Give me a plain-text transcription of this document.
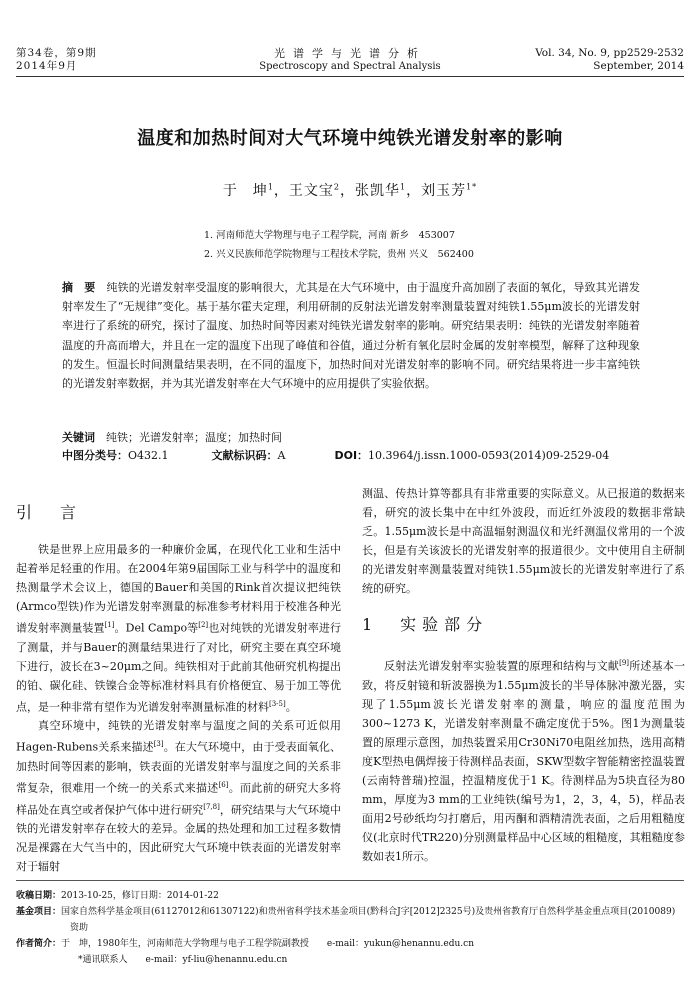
第34卷，第9期
2014年9月
光谱学与光谱分析
Spectroscopy and Spectral Analysis
Vol. 34, No. 9, pp2529-2532
September, 2014
温度和加热时间对大气环境中纯铁光谱发射率的影响
于　坤$^1$，王文宝$^2$，张凯华$^1$，刘玉芳$^{1*}$
1. 河南师范大学物理与电子工程学院，河南 新乡　453007
2. 兴义民族师范学院物理与工程技术学院，贵州 兴义　562400
摘　要　 纯铁的光谱发射率受温度的影响很大，尤其是在大气环境中，由于温度升高加剧了表面的氧化，导致其光谱发射率发生了“无规律”变化。基于基尔霍夫定理，利用研制的反射法光谱发射率测量装置对纯铁1.55μm波长的光谱发射率进行了系统的研究，探讨了温度、加热时间等因素对纯铁光谱发射率的影响。研究结果表明：纯铁的光谱发射率随着温度的升高而增大，并且在一定的温度下出现了峰值和谷值，通过分析有氧化层时金属的发射率模型，解释了这种现象的发生。恒温长时间测量结果表明，在不同的温度下，加热时间对光谱发射率的影响不同。研究结果将进一步丰富纯铁的光谱发射率数据，并为其光谱发射率在大气环境中的应用提供了实验依据。
关键词　 纯铁；光谱发射率；温度；加热时间
中图分类号：O432.1	文献标识码：A	DOI：10.3964/j.issn.1000-0593(2014)09-2529-04
引　言

铁是世界上应用最多的一种廉价金属，在现代化工业和生活中起着举足轻重的作用。在2004年第9届国际工业与科学中的温度和热测量学术会议上，德国的Bauer和美国的Rink首次提议把纯铁(Armco型铁)作为光谱发射率测量的标准参考材料用于校准各种光谱发射率测量装置[1]。Del Campo等[2]也对纯铁的光谱发射率进行了测量，并与Bauer的测量结果进行了对比，研究主要在真空环境下进行，波长在3~20μm之间。纯铁相对于此前其他研究机构提出的铂、碳化硅、铁镍合金等标准材料具有价格便宜、易于加工等优点，是一种非常有望作为光谱发射率测量标准的材料[3-5]。

真空环境中，纯铁的光谱发射率与温度之间的关系可近似用Hagen-Rubens关系来描述[3]。在大气环境中，由于受表面氧化、加热时间等因素的影响，铁表面的光谱发射率与温度之间的关系非常复杂，很难用一个统一的关系式来描述[6]。而此前的研究大多将样品处在真空或者保护气体中进行研究[7,8]，研究结果与大气环境中铁的光谱发射率存在较大的差异。金属的热处理和加工过程多数情况是裸露在大气当中的，因此研究大气环境中铁表面的光谱发射率对于辐射

测温、传热计算等都具有非常重要的实际意义。从已报道的数据来看，研究的波长集中在中红外波段，而近红外波段的数据非常缺乏。1.55μm波长是中高温辐射测温仪和光纤测温仪常用的一个波长，但是有关该波长的光谱发射率的报道很少。文中使用自主研制的光谱发射率测量装置对纯铁1.55μm波长的光谱发射率进行了系统的研究。

1　实验部分

反射法光谱发射率实验装置的原理和结构与文献[9]所述基本一致，将反射镜和斩波器换为1.55μm波长的半导体脉冲激光器，实现了1.55μm波长光谱发射率的测量，响应的温度范围为300~1273 K，光谱发射率测量不确定度优于5%。图1为测量装置的原理示意图，加热装置采用Cr30Ni70电阻丝加热，选用高精度K型热电偶焊接于待测样品表面，SKW型数字智能精密控温装置(云南特普瑞)控温，控温精度优于1 K。待测样品为5块直径为80 mm，厚度为3 mm的工业纯铁(编号为1，2，3，4，5)，样品表面用2号砂纸均匀打磨后，用丙酮和酒精清洗表面，之后用粗糙度仪(北京时代TR220)分别测量样品中心区域的粗糙度，其粗糙度参数如表1所示。

收稿日期：2013-10-25，修订日期：2014-01-22
基金项目：国家自然科学基金项目(61127012和61307122)和贵州省科学技术基金项目(黔科合J字[2012]2325号)及贵州省教育厅自然科学基金重点项目(2010089)资助
作者简介：于　坤，1980年生，河南师范大学物理与电子工程学院副教授　　e-mail：yukun@henannu.edu.cn
*通讯联系人　　e-mail：yf-liu@henannu.edu.cn
